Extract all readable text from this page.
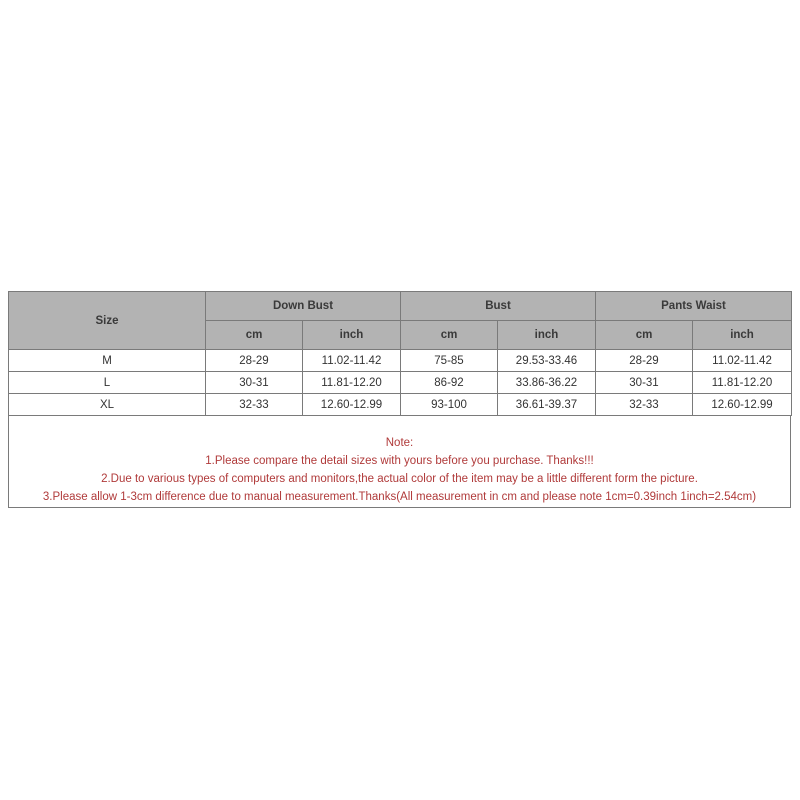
Size	Down Bust		Bust		Pants Waist	
	cm	inch	cm	inch	cm	inch
M	28-29	11.02-11.42	75-85	29.53-33.46	28-29	11.02-11.42
L	30-31	11.81-12.20	86-92	33.86-36.22	30-31	11.81-12.20
XL	32-33	12.60-12.99	93-100	36.61-39.37	32-33	12.60-12.99
Note:
1.Please compare the detail sizes with yours before you purchase. Thanks!!!
2.Due to various types of computers and monitors,the actual color of the item may be a little different form the picture.
3.Please allow 1-3cm difference due to manual measurement.Thanks(All measurement in cm and please note 1cm=0.39inch 1inch=2.54cm)
